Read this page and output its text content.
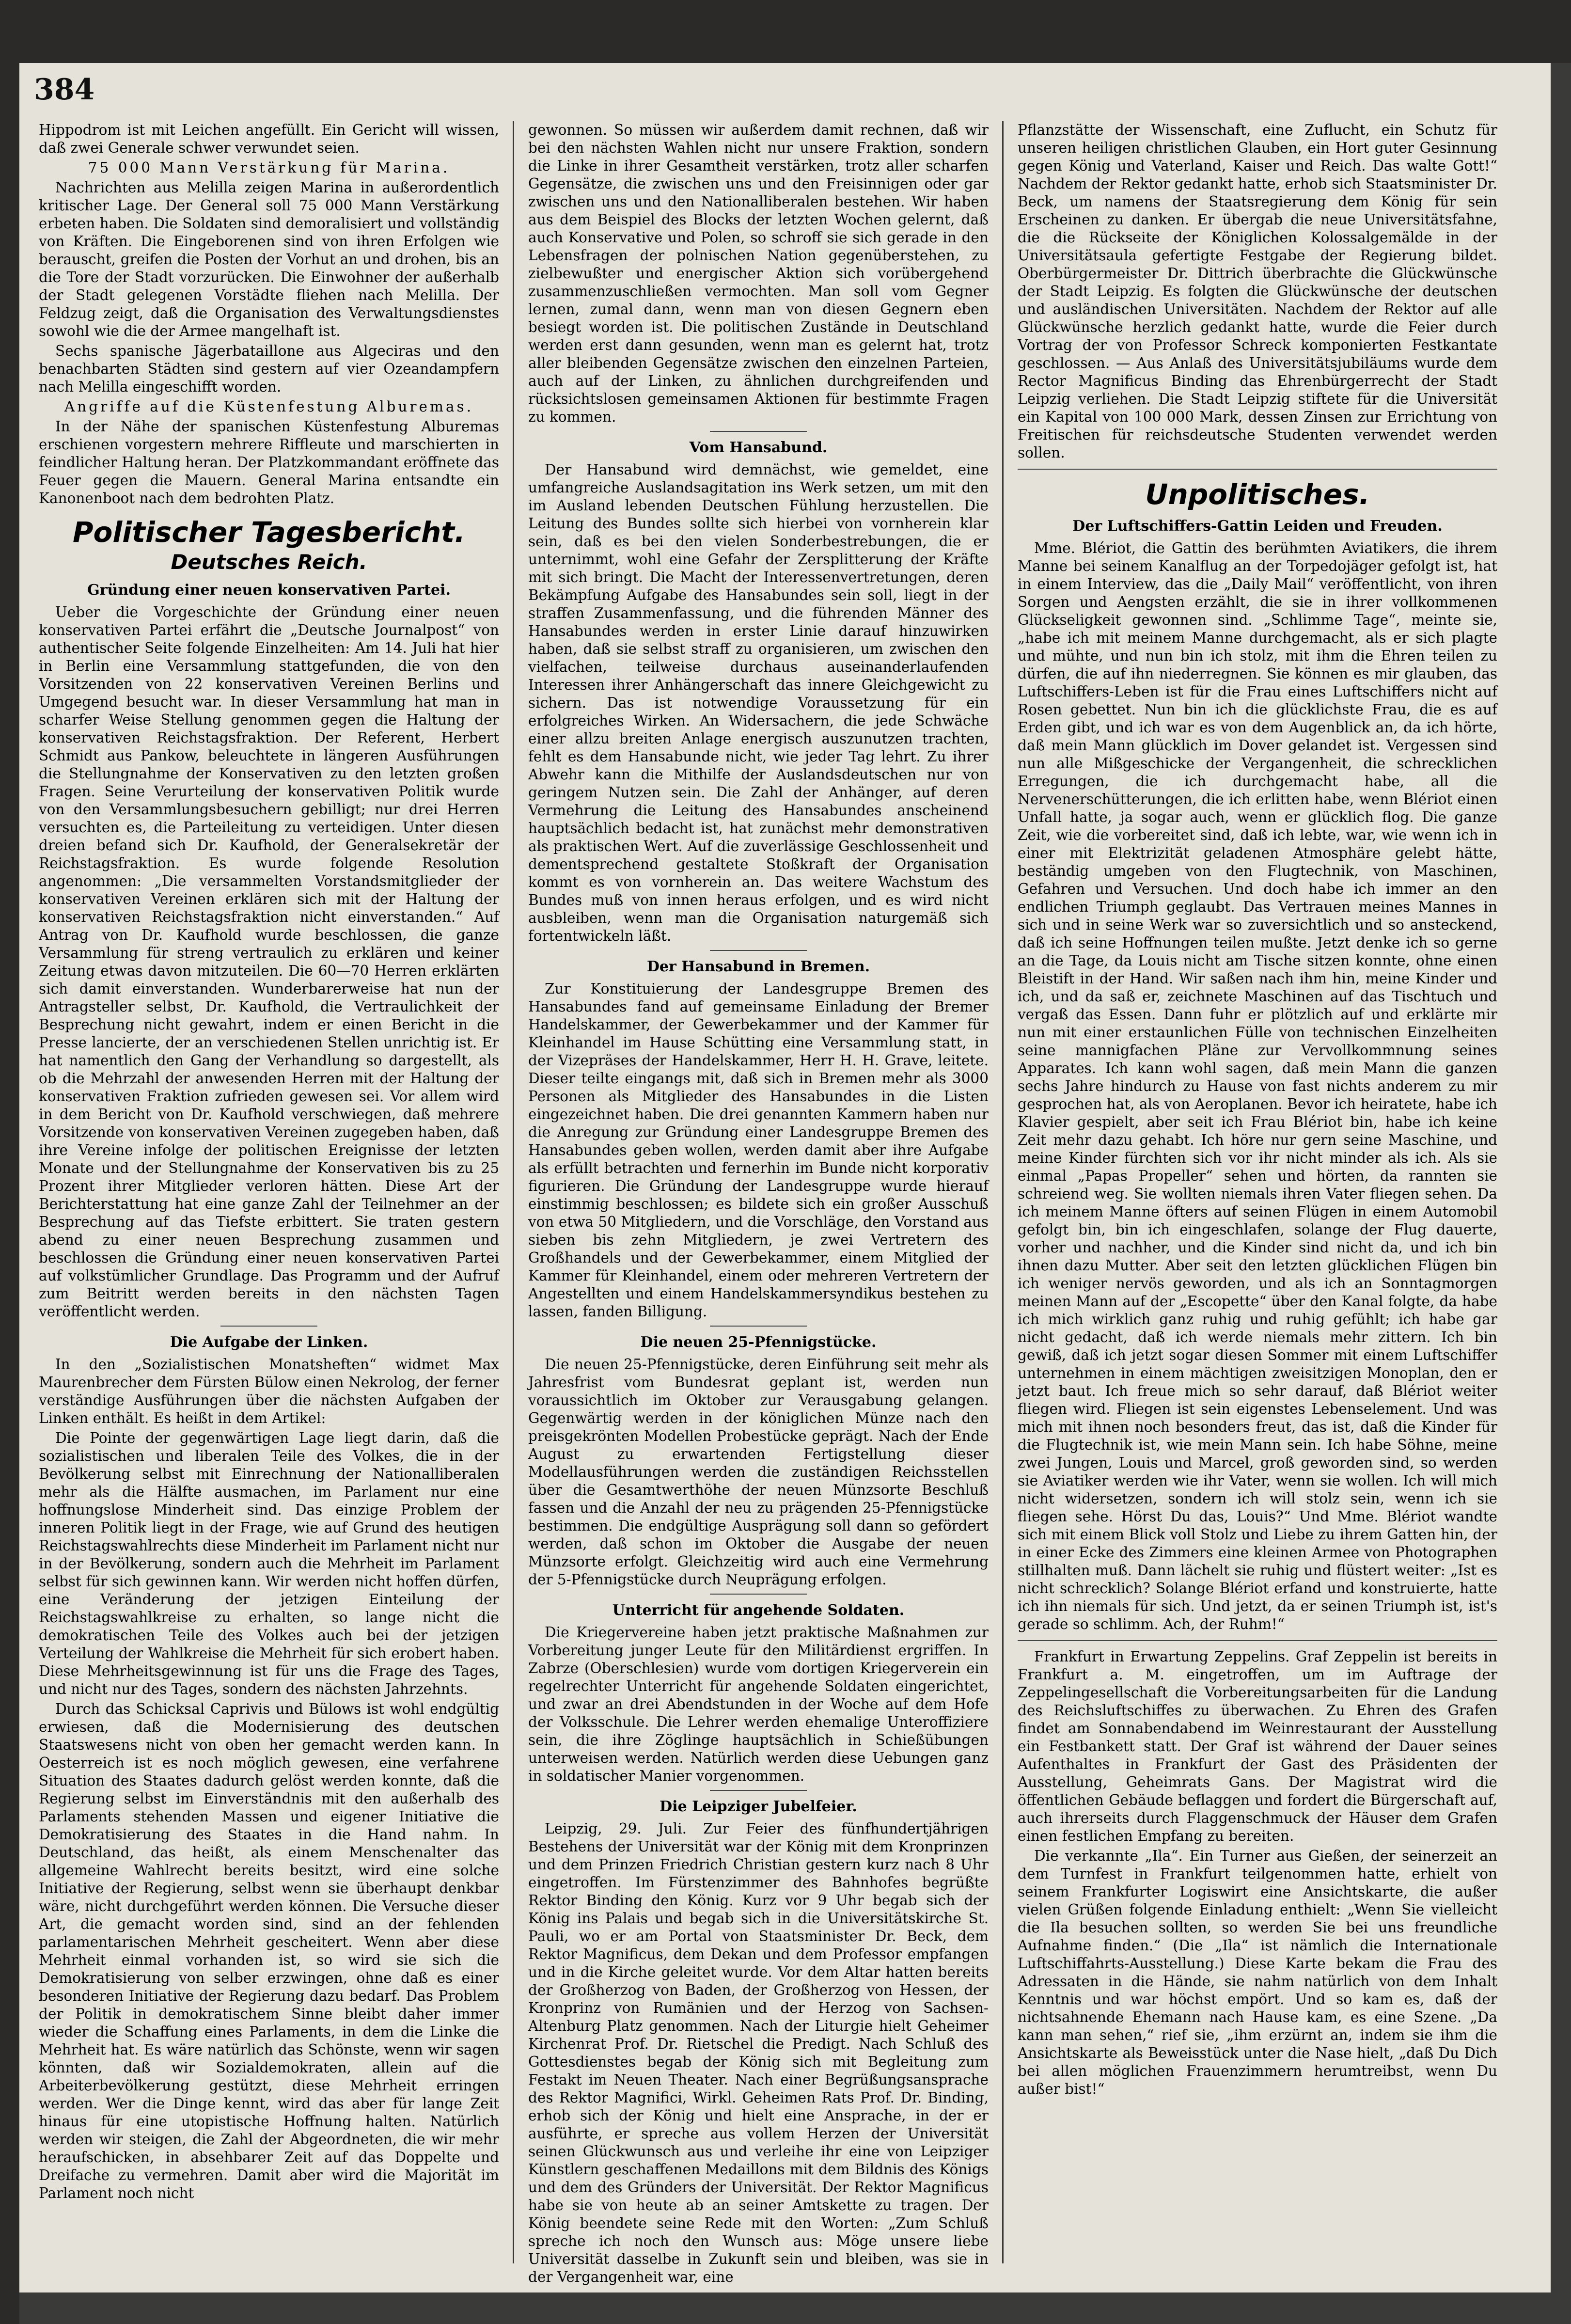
384

Hippodrom ist mit Leichen angefüllt. Ein Gericht will wissen, daß zwei Generale schwer verwundet seien.

75 000 Mann Verstärkung für Marina.

Nachrichten aus Melilla zeigen Marina in außerordentlich kritischer Lage. Der General soll 75 000 Mann Verstärkung erbeten haben. Die Soldaten sind demoralisiert und vollständig von Kräften. Die Eingeborenen sind von ihren Erfolgen wie berauscht, greifen die Posten der Vorhut an und drohen, bis an die Tore der Stadt vorzurücken. Die Einwohner der außerhalb der Stadt gelegenen Vorstädte fliehen nach Melilla. Der Feldzug zeigt, daß die Organisation des Verwaltungsdienstes sowohl wie die der Armee mangelhaft ist.

Sechs spanische Jägerbataillone aus Algeciras und den benachbarten Städten sind gestern auf vier Ozeandampfern nach Melilla eingeschifft worden.

Angriffe auf die Küstenfestung Alburemas.

In der Nähe der spanischen Küstenfestung Alburemas erschienen vorgestern mehrere Riffleute und marschierten in feindlicher Haltung heran. Der Platzkommandant eröffnete das Feuer gegen die Mauern. General Marina entsandte ein Kanonenboot nach dem bedrohten Platz.

Politischer Tagesbericht.
Deutsches Reich.
Gründung einer neuen konservativen Partei.

Ueber die Vorgeschichte der Gründung einer neuen konservativen Partei erfährt die „Deutsche Journalpost“ von authentischer Seite folgende Einzelheiten: Am 14. Juli hat hier in Berlin eine Versammlung stattgefunden, die von den Vorsitzenden von 22 konservativen Vereinen Berlins und Umgegend besucht war. In dieser Versammlung hat man in scharfer Weise Stellung genommen gegen die Haltung der konservativen Reichstagsfraktion. Der Referent, Herbert Schmidt aus Pankow, beleuchtete in längeren Ausführungen die Stellungnahme der Konservativen zu den letzten großen Fragen. Seine Verurteilung der konservativen Politik wurde von den Versammlungsbesuchern gebilligt; nur drei Herren versuchten es, die Parteileitung zu verteidigen. Unter diesen dreien befand sich Dr. Kaufhold, der Generalsekretär der Reichstagsfraktion. Es wurde folgende Resolution angenommen: „Die versammelten Vorstandsmitglieder der konservativen Vereinen erklären sich mit der Haltung der konservativen Reichstagsfraktion nicht einverstanden.“ Auf Antrag von Dr. Kaufhold wurde beschlossen, die ganze Versammlung für streng vertraulich zu erklären und keiner Zeitung etwas davon mitzuteilen. Die 60—70 Herren erklärten sich damit einverstanden. Wunderbarerweise hat nun der Antragsteller selbst, Dr. Kaufhold, die Vertraulichkeit der Besprechung nicht gewahrt, indem er einen Bericht in die Presse lancierte, der an verschiedenen Stellen unrichtig ist. Er hat namentlich den Gang der Verhandlung so dargestellt, als ob die Mehrzahl der anwesenden Herren mit der Haltung der konservativen Fraktion zufrieden gewesen sei. Vor allem wird in dem Bericht von Dr. Kaufhold verschwiegen, daß mehrere Vorsitzende von konservativen Vereinen zugegeben haben, daß ihre Vereine infolge der politischen Ereignisse der letzten Monate und der Stellungnahme der Konservativen bis zu 25 Prozent ihrer Mitglieder verloren hätten. Diese Art der Berichterstattung hat eine ganze Zahl der Teilnehmer an der Besprechung auf das Tiefste erbittert. Sie traten gestern abend zu einer neuen Besprechung zusammen und beschlossen die Gründung einer neuen konservativen Partei auf volkstümlicher Grundlage. Das Programm und der Aufruf zum Beitritt werden bereits in den nächsten Tagen veröffentlicht werden.

Die Aufgabe der Linken.

In den „Sozialistischen Monatsheften“ widmet Max Maurenbrecher dem Fürsten Bülow einen Nekrolog, der ferner verständige Ausführungen über die nächsten Aufgaben der Linken enthält. Es heißt in dem Artikel:

Die Pointe der gegenwärtigen Lage liegt darin, daß die sozialistischen und liberalen Teile des Volkes, die in der Bevölkerung selbst mit Einrechnung der Nationalliberalen mehr als die Hälfte ausmachen, im Parlament nur eine hoffnungslose Minderheit sind. Das einzige Problem der inneren Politik liegt in der Frage, wie auf Grund des heutigen Reichstagswahlrechts diese Minderheit im Parlament nicht nur in der Bevölkerung, sondern auch die Mehrheit im Parlament selbst für sich gewinnen kann. Wir werden nicht hoffen dürfen, eine Veränderung der jetzigen Einteilung der Reichstagswahlkreise zu erhalten, so lange nicht die demokratischen Teile des Volkes auch bei der jetzigen Verteilung der Wahlkreise die Mehrheit für sich erobert haben. Diese Mehrheitsgewinnung ist für uns die Frage des Tages, und nicht nur des Tages, sondern des nächsten Jahrzehnts.

Durch das Schicksal Caprivis und Bülows ist wohl endgültig erwiesen, daß die Modernisierung des deutschen Staatswesens nicht von oben her gemacht werden kann. In Oesterreich ist es noch möglich gewesen, eine verfahrene Situation des Staates dadurch gelöst werden konnte, daß die Regierung selbst im Einverständnis mit den außerhalb des Parlaments stehenden Massen und eigener Initiative die Demokratisierung des Staates in die Hand nahm. In Deutschland, das heißt, als einem Menschenalter das allgemeine Wahlrecht bereits besitzt, wird eine solche Initiative der Regierung, selbst wenn sie überhaupt denkbar wäre, nicht durchgeführt werden können. Die Versuche dieser Art, die gemacht worden sind, sind an der fehlenden parlamentarischen Mehrheit gescheitert. Wenn aber diese Mehrheit einmal vorhanden ist, so wird sie sich die Demokratisierung von selber erzwingen, ohne daß es einer besonderen Initiative der Regierung dazu bedarf. Das Problem der Politik in demokratischem Sinne bleibt daher immer wieder die Schaffung eines Parlaments, in dem die Linke die Mehrheit hat. Es wäre natürlich das Schönste, wenn wir sagen könnten, daß wir Sozialdemokraten, allein auf die Arbeiterbevölkerung gestützt, diese Mehrheit erringen werden. Wer die Dinge kennt, wird das aber für lange Zeit hinaus für eine utopistische Hoffnung halten. Natürlich werden wir steigen, die Zahl der Abgeordneten, die wir mehr heraufschicken, in absehbarer Zeit auf das Doppelte und Dreifache zu vermehren. Damit aber wird die Majorität im Parlament noch nicht

gewonnen. So müssen wir außerdem damit rechnen, daß wir bei den nächsten Wahlen nicht nur unsere Fraktion, sondern die Linke in ihrer Gesamtheit verstärken, trotz aller scharfen Gegensätze, die zwischen uns und den Freisinnigen oder gar zwischen uns und den Nationalliberalen bestehen. Wir haben aus dem Beispiel des Blocks der letzten Wochen gelernt, daß auch Konservative und Polen, so schroff sie sich gerade in den Lebensfragen der polnischen Nation gegenüberstehen, zu zielbewußter und energischer Aktion sich vorübergehend zusammenzuschließen vermochten. Man soll vom Gegner lernen, zumal dann, wenn man von diesen Gegnern eben besiegt worden ist. Die politischen Zustände in Deutschland werden erst dann gesunden, wenn man es gelernt hat, trotz aller bleibenden Gegensätze zwischen den einzelnen Parteien, auch auf der Linken, zu ähnlichen durchgreifenden und rücksichtslosen gemeinsamen Aktionen für bestimmte Fragen zu kommen.

Vom Hansabund.

Der Hansabund wird demnächst, wie gemeldet, eine umfangreiche Auslandsagitation ins Werk setzen, um mit den im Ausland lebenden Deutschen Fühlung herzustellen. Die Leitung des Bundes sollte sich hierbei von vornherein klar sein, daß es bei den vielen Sonderbestrebungen, die er unternimmt, wohl eine Gefahr der Zersplitterung der Kräfte mit sich bringt. Die Macht der Interessenvertretungen, deren Bekämpfung Aufgabe des Hansabundes sein soll, liegt in der straffen Zusammenfassung, und die führenden Männer des Hansabundes werden in erster Linie darauf hinzuwirken haben, daß sie selbst straff zu organisieren, um zwischen den vielfachen, teilweise durchaus auseinanderlaufenden Interessen ihrer Anhängerschaft das innere Gleichgewicht zu sichern. Das ist notwendige Voraussetzung für ein erfolgreiches Wirken. An Widersachern, die jede Schwäche einer allzu breiten Anlage energisch auszunutzen trachten, fehlt es dem Hansabunde nicht, wie jeder Tag lehrt. Zu ihrer Abwehr kann die Mithilfe der Auslandsdeutschen nur von geringem Nutzen sein. Die Zahl der Anhänger, auf deren Vermehrung die Leitung des Hansabundes anscheinend hauptsächlich bedacht ist, hat zunächst mehr demonstrativen als praktischen Wert. Auf die zuverlässige Geschlossenheit und dementsprechend gestaltete Stoßkraft der Organisation kommt es von vornherein an. Das weitere Wachstum des Bundes muß von innen heraus erfolgen, und es wird nicht ausbleiben, wenn man die Organisation naturgemäß sich fortentwickeln läßt.

Der Hansabund in Bremen.

Zur Konstituierung der Landesgruppe Bremen des Hansabundes fand auf gemeinsame Einladung der Bremer Handelskammer, der Gewerbekammer und der Kammer für Kleinhandel im Hause Schütting eine Versammlung statt, in der Vizepräses der Handelskammer, Herr H. H. Grave, leitete. Dieser teilte eingangs mit, daß sich in Bremen mehr als 3000 Personen als Mitglieder des Hansabundes in die Listen eingezeichnet haben. Die drei genannten Kammern haben nur die Anregung zur Gründung einer Landesgruppe Bremen des Hansabundes geben wollen, werden damit aber ihre Aufgabe als erfüllt betrachten und fernerhin im Bunde nicht korporativ figurieren. Die Gründung der Landesgruppe wurde hierauf einstimmig beschlossen; es bildete sich ein großer Ausschuß von etwa 50 Mitgliedern, und die Vorschläge, den Vorstand aus sieben bis zehn Mitgliedern, je zwei Vertretern des Großhandels und der Gewerbekammer, einem Mitglied der Kammer für Kleinhandel, einem oder mehreren Vertretern der Angestellten und einem Handelskammersyndikus bestehen zu lassen, fanden Billigung.

Die neuen 25-Pfennigstücke.

Die neuen 25-Pfennigstücke, deren Einführung seit mehr als Jahresfrist vom Bundesrat geplant ist, werden nun voraussichtlich im Oktober zur Verausgabung gelangen. Gegenwärtig werden in der königlichen Münze nach den preisgekrönten Modellen Probestücke geprägt. Nach der Ende August zu erwartenden Fertigstellung dieser Modellausführungen werden die zuständigen Reichsstellen über die Gesamtwerthöhe der neuen Münzsorte Beschluß fassen und die Anzahl der neu zu prägenden 25-Pfennigstücke bestimmen. Die endgültige Ausprägung soll dann so gefördert werden, daß schon im Oktober die Ausgabe der neuen Münzsorte erfolgt. Gleichzeitig wird auch eine Vermehrung der 5-Pfennigstücke durch Neuprägung erfolgen.

Unterricht für angehende Soldaten.

Die Kriegervereine haben jetzt praktische Maßnahmen zur Vorbereitung junger Leute für den Militärdienst ergriffen. In Zabrze (Oberschlesien) wurde vom dortigen Kriegerverein ein regelrechter Unterricht für angehende Soldaten eingerichtet, und zwar an drei Abendstunden in der Woche auf dem Hofe der Volksschule. Die Lehrer werden ehemalige Unteroffiziere sein, die ihre Zöglinge hauptsächlich in Schießübungen unterweisen werden. Natürlich werden diese Uebungen ganz in soldatischer Manier vorgenommen.

Die Leipziger Jubelfeier.

Leipzig, 29. Juli. Zur Feier des fünfhundertjährigen Bestehens der Universität war der König mit dem Kronprinzen und dem Prinzen Friedrich Christian gestern kurz nach 8 Uhr eingetroffen. Im Fürstenzimmer des Bahnhofes begrüßte Rektor Binding den König. Kurz vor 9 Uhr begab sich der König ins Palais und begab sich in die Universitätskirche St. Pauli, wo er am Portal von Staatsminister Dr. Beck, dem Rektor Magnificus, dem Dekan und dem Professor empfangen und in die Kirche geleitet wurde. Vor dem Altar hatten bereits der Großherzog von Baden, der Großherzog von Hessen, der Kronprinz von Rumänien und der Herzog von Sachsen-Altenburg Platz genommen. Nach der Liturgie hielt Geheimer Kirchenrat Prof. Dr. Rietschel die Predigt. Nach Schluß des Gottesdienstes begab der König sich mit Begleitung zum Festakt im Neuen Theater. Nach einer Begrüßungsansprache des Rektor Magnifici, Wirkl. Geheimen Rats Prof. Dr. Binding, erhob sich der König und hielt eine Ansprache, in der er ausführte, er spreche aus vollem Herzen der Universität seinen Glückwunsch aus und verleihe ihr eine von Leipziger Künstlern geschaffenen Medaillons mit dem Bildnis des Königs und dem des Gründers der Universität. Der Rektor Magnificus habe sie von heute ab an seiner Amtskette zu tragen. Der König beendete seine Rede mit den Worten: „Zum Schluß spreche ich noch den Wunsch aus: Möge unsere liebe Universität dasselbe in Zukunft sein und bleiben, was sie in der Vergangenheit war, eine

Pflanzstätte der Wissenschaft, eine Zuflucht, ein Schutz für unseren heiligen christlichen Glauben, ein Hort guter Gesinnung gegen König und Vaterland, Kaiser und Reich. Das walte Gott!“ Nachdem der Rektor gedankt hatte, erhob sich Staatsminister Dr. Beck, um namens der Staatsregierung dem König für sein Erscheinen zu danken. Er übergab die neue Universitätsfahne, die die Rückseite der Königlichen Kolossalgemälde in der Universitätsaula gefertigte Festgabe der Regierung bildet. Oberbürgermeister Dr. Dittrich überbrachte die Glückwünsche der Stadt Leipzig. Es folgten die Glückwünsche der deutschen und ausländischen Universitäten. Nachdem der Rektor auf alle Glückwünsche herzlich gedankt hatte, wurde die Feier durch Vortrag der von Professor Schreck komponierten Festkantate geschlossen. — Aus Anlaß des Universitätsjubiläums wurde dem Rector Magnificus Binding das Ehrenbürgerrecht der Stadt Leipzig verliehen. Die Stadt Leipzig stiftete für die Universität ein Kapital von 100 000 Mark, dessen Zinsen zur Errichtung von Freitischen für reichsdeutsche Studenten verwendet werden sollen.

Unpolitisches.
Der Luftschiffers-Gattin Leiden und Freuden.

Mme. Blériot, die Gattin des berühmten Aviatikers, die ihrem Manne bei seinem Kanalflug an der Torpedojäger gefolgt ist, hat in einem Interview, das die „Daily Mail“ veröffentlicht, von ihren Sorgen und Aengsten erzählt, die sie in ihrer vollkommenen Glückseligkeit gewonnen sind. „Schlimme Tage“, meinte sie, „habe ich mit meinem Manne durchgemacht, als er sich plagte und mühte, und nun bin ich stolz, mit ihm die Ehren teilen zu dürfen, die auf ihn niederregnen. Sie können es mir glauben, das Luftschiffers-Leben ist für die Frau eines Luftschiffers nicht auf Rosen gebettet. Nun bin ich die glücklichste Frau, die es auf Erden gibt, und ich war es von dem Augenblick an, da ich hörte, daß mein Mann glücklich im Dover gelandet ist. Vergessen sind nun alle Mißgeschicke der Vergangenheit, die schrecklichen Erregungen, die ich durchgemacht habe, all die Nervenerschütterungen, die ich erlitten habe, wenn Blériot einen Unfall hatte, ja sogar auch, wenn er glücklich flog. Die ganze Zeit, wie die vorbereitet sind, daß ich lebte, war, wie wenn ich in einer mit Elektrizität geladenen Atmosphäre gelebt hätte, beständig umgeben von den Flugtechnik, von Maschinen, Gefahren und Versuchen. Und doch habe ich immer an den endlichen Triumph geglaubt. Das Vertrauen meines Mannes in sich und in seine Werk war so zuversichtlich und so ansteckend, daß ich seine Hoffnungen teilen mußte. Jetzt denke ich so gerne an die Tage, da Louis nicht am Tische sitzen konnte, ohne einen Bleistift in der Hand. Wir saßen nach ihm hin, meine Kinder und ich, und da saß er, zeichnete Maschinen auf das Tischtuch und vergaß das Essen. Dann fuhr er plötzlich auf und erklärte mir nun mit einer erstaunlichen Fülle von technischen Einzelheiten seine mannigfachen Pläne zur Vervollkommnung seines Apparates. Ich kann wohl sagen, daß mein Mann die ganzen sechs Jahre hindurch zu Hause von fast nichts anderem zu mir gesprochen hat, als von Aeroplanen. Bevor ich heiratete, habe ich Klavier gespielt, aber seit ich Frau Blériot bin, habe ich keine Zeit mehr dazu gehabt. Ich höre nur gern seine Maschine, und meine Kinder fürchten sich vor ihr nicht minder als ich. Als sie einmal „Papas Propeller“ sehen und hörten, da rannten sie schreiend weg. Sie wollten niemals ihren Vater fliegen sehen. Da ich meinem Manne öfters auf seinen Flügen in einem Automobil gefolgt bin, bin ich eingeschlafen, solange der Flug dauerte, vorher und nachher, und die Kinder sind nicht da, und ich bin ihnen dazu Mutter. Aber seit den letzten glücklichen Flügen bin ich weniger nervös geworden, und als ich an Sonntagmorgen meinen Mann auf der „Escopette“ über den Kanal folgte, da habe ich mich wirklich ganz ruhig und ruhig gefühlt; ich habe gar nicht gedacht, daß ich werde niemals mehr zittern. Ich bin gewiß, daß ich jetzt sogar diesen Sommer mit einem Luftschiffer unternehmen in einem mächtigen zweisitzigen Monoplan, den er jetzt baut. Ich freue mich so sehr darauf, daß Blériot weiter fliegen wird. Fliegen ist sein eigenstes Lebenselement. Und was mich mit ihnen noch besonders freut, das ist, daß die Kinder für die Flugtechnik ist, wie mein Mann sein. Ich habe Söhne, meine zwei Jungen, Louis und Marcel, groß geworden sind, so werden sie Aviatiker werden wie ihr Vater, wenn sie wollen. Ich will mich nicht widersetzen, sondern ich will stolz sein, wenn ich sie fliegen sehe. Hörst Du das, Louis?“ Und Mme. Blériot wandte sich mit einem Blick voll Stolz und Liebe zu ihrem Gatten hin, der in einer Ecke des Zimmers eine kleinen Armee von Photographen stillhalten muß. Dann lächelt sie ruhig und flüstert weiter: „Ist es nicht schrecklich? Solange Blériot erfand und konstruierte, hatte ich ihn niemals für sich. Und jetzt, da er seinen Triumph ist, ist's gerade so schlimm. Ach, der Ruhm!“

Frankfurt in Erwartung Zeppelins. Graf Zeppelin ist bereits in Frankfurt a. M. eingetroffen, um im Auftrage der Zeppelingesellschaft die Vorbereitungsarbeiten für die Landung des Reichsluftschiffes zu überwachen. Zu Ehren des Grafen findet am Sonnabendabend im Weinrestaurant der Ausstellung ein Festbankett statt. Der Graf ist während der Dauer seines Aufenthaltes in Frankfurt der Gast des Präsidenten der Ausstellung, Geheimrats Gans. Der Magistrat wird die öffentlichen Gebäude beflaggen und fordert die Bürgerschaft auf, auch ihrerseits durch Flaggenschmuck der Häuser dem Grafen einen festlichen Empfang zu bereiten.

Die verkannte „Ila“. Ein Turner aus Gießen, der seinerzeit an dem Turnfest in Frankfurt teilgenommen hatte, erhielt von seinem Frankfurter Logiswirt eine Ansichtskarte, die außer vielen Grüßen folgende Einladung enthielt: „Wenn Sie vielleicht die Ila besuchen sollten, so werden Sie bei uns freundliche Aufnahme finden.“ (Die „Ila“ ist nämlich die Internationale Luftschiffahrts-Ausstellung.) Diese Karte bekam die Frau des Adressaten in die Hände, sie nahm natürlich von dem Inhalt Kenntnis und war höchst empört. Und so kam es, daß der nichtsahnende Ehemann nach Hause kam, es eine Szene. „Da kann man sehen,“ rief sie, „ihm erzürnt an, indem sie ihm die Ansichtskarte als Beweisstück unter die Nase hielt, „daß Du Dich bei allen möglichen Frauenzimmern herumtreibst, wenn Du außer bist!“
